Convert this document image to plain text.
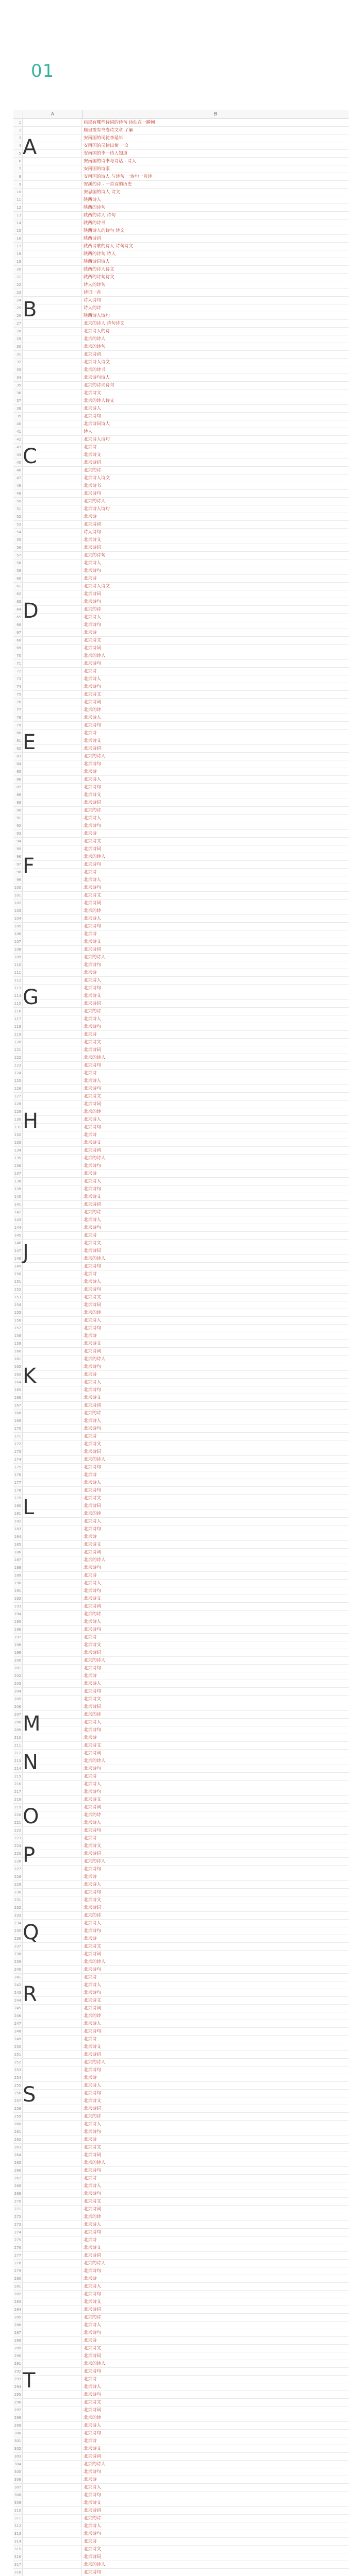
01
A	B
1	庙那有哪些诗词的诗句 诗仙在一瞬间
2	庙里敢有书卷诗文章 了解
3	安南国的司徒李延年
4 A	安南国的司徒出使 一文
5	安南国的李一诗人知道
6	安南国的诗书与诗话 - 诗人
7	安南国的诗家
8	安南国的诗人 与诗句 一诗句一首诗
9	安溪的诗 - 一首诗的历史
10	安思国的诗人 诗文
11	陕西诗人
12	陕西的诗句
13	陕西的诗人 诗句
14	陕西的诗书
15	陕西诗人的诗句 诗文
16	陕西诗词
17	陕西诗歌的诗人 诗句诗文
18	陕西的诗句 诗人
19	陕西诗词诗人
20	陕西的诗人诗文
21	陕西的诗句诗文
22	诗人的诗句
23	诗词一首
24	诗人诗句
25 B	诗人的诗
26	陕西诗人诗句
27	北京的诗人 诗句诗文
28	北京诗人的诗
29	北京的诗人
30	北京的诗句
31	北京诗词
32	北京诗人诗文
33	北京的诗书
34	北京诗句诗人
35	北京的诗词诗句
36	北京诗文
37	北京的诗人诗文
38	北京诗人
39	北京诗句
40	北京诗词诗人
41	诗人
42	北京诗人诗句
43	北京诗
44 C	北京诗文
45	北京诗词
46	北京的诗
47	北京诗人诗文
48	北京诗书
49	北京诗句
50	北京的诗人
51	北京诗人诗句
52	北京诗
53	北京诗词
54	诗人诗句
55	北京诗文
56	北京诗词
57	北京的诗句
58	北京诗人
59	北京诗句
60	北京诗
61	北京诗人诗文
62	北京诗词
63	北京诗句
64 D	北京的诗
65	北京诗人
66	北京诗句
67	北京诗
68	北京诗文
69	北京诗词
70	北京的诗人
71	北京诗句
72	北京诗
73	北京诗人
74	北京诗句
75	北京诗文
76	北京诗词
77	北京的诗
78	北京诗人
79	北京诗句
80	北京诗
81 E	北京诗文
82	北京诗词
83	北京的诗人
84	北京诗句
85	北京诗
86	北京诗人
87	北京诗句
88	北京诗文
89	北京诗词
90	北京的诗
91	北京诗人
92	北京诗句
93	北京诗
94	北京诗文
95	北京诗词
96	北京的诗人
97 F	北京诗句
98	北京诗
99	北京诗人
100	北京诗句
101	北京诗文
102	北京诗词
103	北京的诗
104	北京诗人
105	北京诗句
106	北京诗
107	北京诗文
108	北京诗词
109	北京的诗人
110	北京诗句
111	北京诗
112	北京诗人
113	北京诗句
114 G	北京诗文
115	北京诗词
116	北京的诗
117	北京诗人
118	北京诗句
119	北京诗
120	北京诗文
121	北京诗词
122	北京的诗人
123	北京诗句
124	北京诗
125	北京诗人
126	北京诗句
127	北京诗文
128	北京诗词
129	北京的诗
130 H	北京诗人
131	北京诗句
132	北京诗
133	北京诗文
134	北京诗词
135	北京的诗人
136	北京诗句
137	北京诗
138	北京诗人
139	北京诗句
140	北京诗文
141	北京诗词
142	北京的诗
143	北京诗人
144	北京诗句
145	北京诗
146	北京诗文
147 J	北京诗词
148	北京的诗人
149	北京诗句
150	北京诗
151	北京诗人
152	北京诗句
153	北京诗文
154	北京诗词
155	北京的诗
156	北京诗人
157	北京诗句
158	北京诗
159	北京诗文
160	北京诗词
161	北京的诗人
162	北京诗句
163 K	北京诗
164	北京诗人
165	北京诗句
166	北京诗文
167	北京诗词
168	北京的诗
169	北京诗人
170	北京诗句
171	北京诗
172	北京诗文
173	北京诗词
174	北京的诗人
175	北京诗句
176	北京诗
177	北京诗人
178	北京诗句
179	北京诗文
180 L	北京诗词
181	北京的诗
182	北京诗人
183	北京诗句
184	北京诗
185	北京诗文
186	北京诗词
187	北京的诗人
188	北京诗句
189	北京诗
190	北京诗人
191	北京诗句
192	北京诗文
193	北京诗词
194	北京的诗
195	北京诗人
196	北京诗句
197	北京诗
198	北京诗文
199	北京诗词
200	北京的诗人
201	北京诗句
202	北京诗
203	北京诗人
204	北京诗句
205	北京诗文
206	北京诗词
207	北京的诗
208 M	北京诗人
209	北京诗句
210	北京诗
211	北京诗文
212	北京诗词
213 N	北京的诗人
214	北京诗句
215	北京诗
216	北京诗人
217	北京诗句
218	北京诗文
219	北京诗词
220 O	北京的诗
221	北京诗人
222	北京诗句
223	北京诗
224	北京诗文
225 P	北京诗词
226	北京的诗人
227	北京诗句
228	北京诗
229	北京诗人
230	北京诗句
231	北京诗文
232	北京诗词
233	北京的诗
234	北京诗人
235 Q	北京诗句
236	北京诗
237	北京诗文
238	北京诗词
239	北京的诗人
240	北京诗句
241	北京诗
242	北京诗人
243 R	北京诗句
244	北京诗文
245	北京诗词
246	北京的诗
247	北京诗人
248	北京诗句
249	北京诗
250	北京诗文
251	北京诗词
252	北京的诗人
253	北京诗句
254	北京诗
255	北京诗人
256 S	北京诗句
257	北京诗文
258	北京诗词
259	北京的诗
260	北京诗人
261	北京诗句
262	北京诗
263	北京诗文
264	北京诗词
265	北京的诗人
266	北京诗句
267	北京诗
268	北京诗人
269	北京诗句
270	北京诗文
271	北京诗词
272	北京的诗
273	北京诗人
274	北京诗句
275	北京诗
276	北京诗文
277	北京诗词
278	北京的诗人
279	北京诗句
280	北京诗
281	北京诗人
282	北京诗句
283	北京诗文
284	北京诗词
285	北京的诗
286	北京诗人
287	北京诗句
288	北京诗
289	北京诗文
290	北京诗词
291	北京的诗人
292	北京诗句
293 T	北京诗
294	北京诗人
295	北京诗句
296	北京诗文
297	北京诗词
298	北京的诗
299	北京诗人
300	北京诗句
301	北京诗
302	北京诗文
303	北京诗词
304	北京的诗人
305	北京诗句
306	北京诗
307	北京诗人
308	北京诗句
309	北京诗文
310	北京诗词
311	北京的诗
312	北京诗人
313	北京诗句
314	北京诗
315	北京诗文
316	北京诗词
317	北京的诗人
318	北京诗句
